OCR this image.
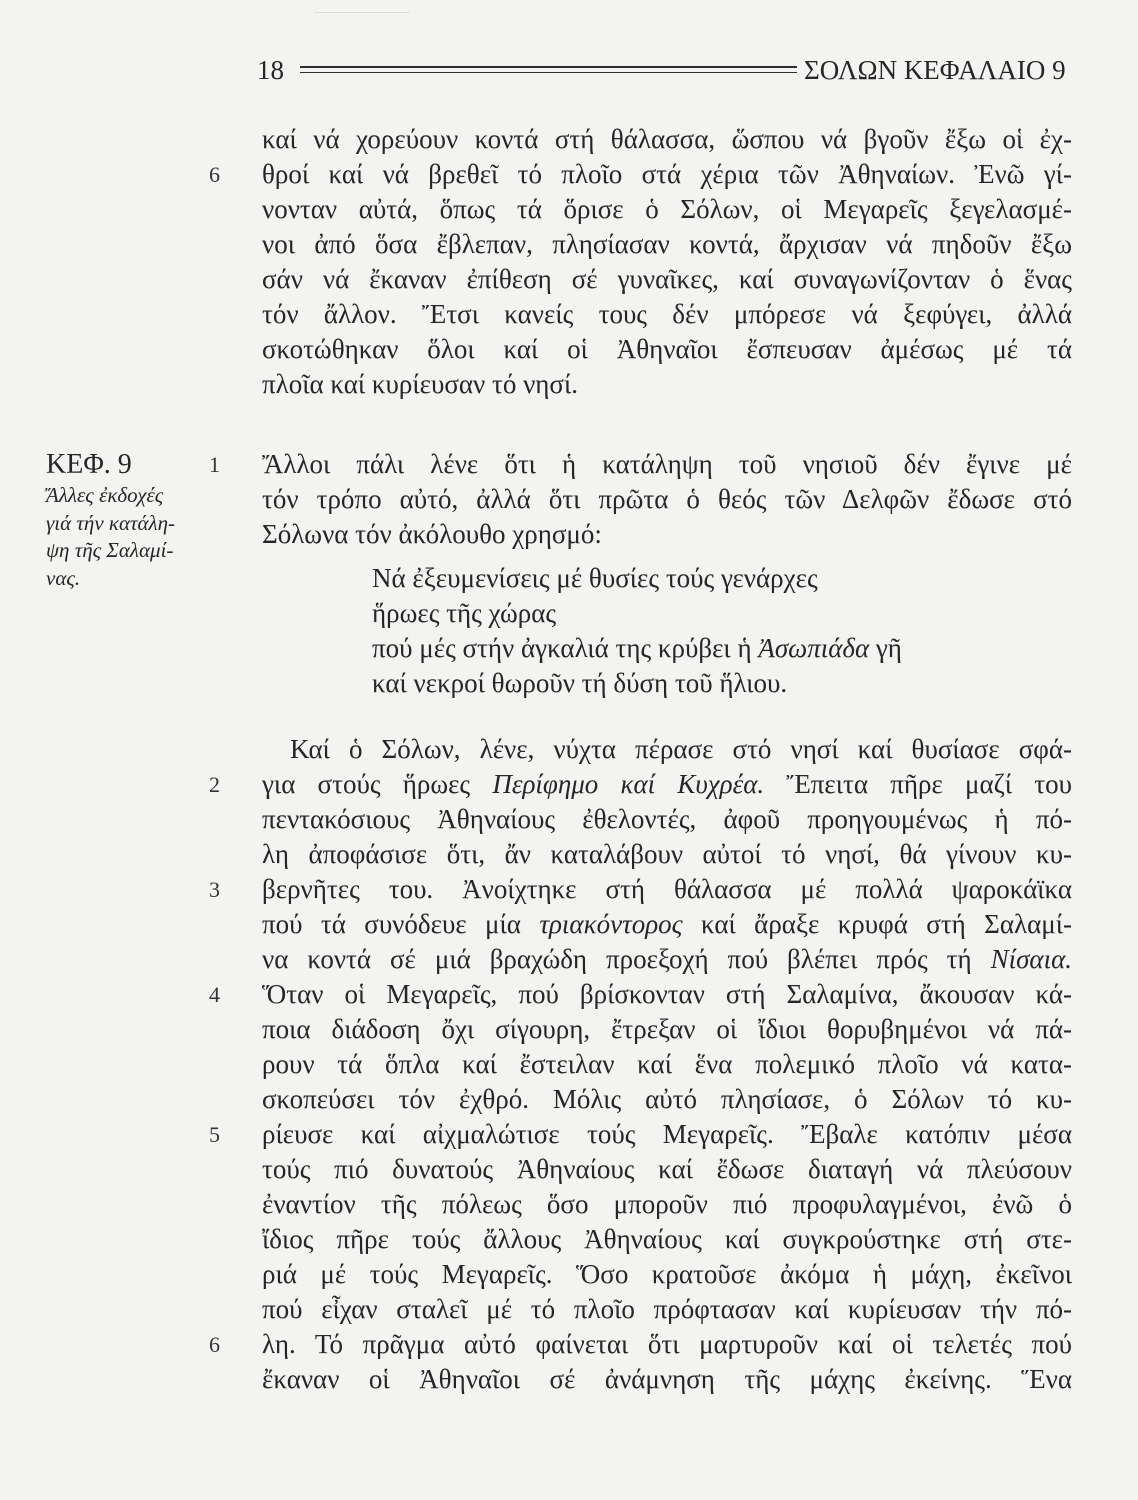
18	ΣΟΛΩΝ ΚΕΦΑΛΑΙΟ 9
ΚΕΦ. 9
Ἄλλες ἐκδοχές
γιά τήν κατάλη-
ψη τῆς Σαλαμί-
νας.
καί νά χορεύουν κοντά στή θάλασσα, ὥσπου νά βγοῦν ἔξω οἱ ἐχ-
6 θροί καί νά βρεθεῖ τό πλοῖο στά χέρια τῶν Ἀθηναίων. Ἐνῶ γί-
νονταν αὐτά, ὅπως τά ὅρισε ὁ Σόλων, οἱ Μεγαρεῖς ξεγελασμέ-
νοι ἀπό ὅσα ἔβλεπαν, πλησίασαν κοντά, ἄρχισαν νά πηδοῦν ἔξω
σάν νά ἔκαναν ἐπίθεση σέ γυναῖκες, καί συναγωνίζονταν ὁ ἕνας
τόν ἄλλον. Ἔτσι κανείς τους δέν μπόρεσε νά ξεφύγει, ἀλλά
σκοτώθηκαν ὅλοι καί οἱ Ἀθηναῖοι ἔσπευσαν ἀμέσως μέ τά
πλοῖα καί κυρίευσαν τό νησί.
1 Ἄλλοι πάλι λένε ὅτι ἡ κατάληψη τοῦ νησιοῦ δέν ἔγινε μέ
τόν τρόπο αὐτό, ἀλλά ὅτι πρῶτα ὁ θεός τῶν Δελφῶν ἔδωσε στό
Σόλωνα τόν ἀκόλουθο χρησμό:
Νά ἐξευμενίσεις μέ θυσίες τούς γενάρχες
ἥρωες τῆς χώρας
πού μές στήν ἀγκαλιά της κρύβει ἡ Ἀσωπιάδα γῆ
καί νεκροί θωροῦν τή δύση τοῦ ἥλιου.
Καί ὁ Σόλων, λένε, νύχτα πέρασε στό νησί καί θυσίασε σφά-
2 για στούς ἥρωες Περίφημο καί Κυχρέα. Ἔπειτα πῆρε μαζί του
πεντακόσιους Ἀθηναίους ἐθελοντές, ἀφοῦ προηγουμένως ἡ πό-
λη ἀποφάσισε ὅτι, ἄν καταλάβουν αὐτοί τό νησί, θά γίνουν κυ-
3 βερνῆτες του. Ἀνοίχτηκε στή θάλασσα μέ πολλά ψαροκάϊκα
πού τά συνόδευε μία τριακόντορος καί ἄραξε κρυφά στή Σαλαμί-
να κοντά σέ μιά βραχώδη προεξοχή πού βλέπει πρός τή Νίσαια.
4 Ὅταν οἱ Μεγαρεῖς, πού βρίσκονταν στή Σαλαμίνα, ἄκουσαν κά-
ποια διάδοση ὄχι σίγουρη, ἔτρεξαν οἱ ἴδιοι θορυβημένοι νά πά-
ρουν τά ὅπλα καί ἔστειλαν καί ἕνα πολεμικό πλοῖο νά κατα-
σκοπεύσει τόν ἐχθρό. Μόλις αὐτό πλησίασε, ὁ Σόλων τό κυ-
5 ρίευσε καί αἰχμαλώτισε τούς Μεγαρεῖς. Ἔβαλε κατόπιν μέσα
τούς πιό δυνατούς Ἀθηναίους καί ἔδωσε διαταγή νά πλεύσουν
ἐναντίον τῆς πόλεως ὅσο μποροῦν πιό προφυλαγμένοι, ἐνῶ ὁ
ἴδιος πῆρε τούς ἄλλους Ἀθηναίους καί συγκρούστηκε στή στε-
ριά μέ τούς Μεγαρεῖς. Ὅσο κρατοῦσε ἀκόμα ἡ μάχη, ἐκεῖνοι
πού εἶχαν σταλεῖ μέ τό πλοῖο πρόφτασαν καί κυρίευσαν τήν πό-
6 λη. Τό πρᾶγμα αὐτό φαίνεται ὅτι μαρτυροῦν καί οἱ τελετές πού
ἔκαναν οἱ Ἀθηναῖοι σέ ἀνάμνηση τῆς μάχης ἐκείνης. Ἕνα
